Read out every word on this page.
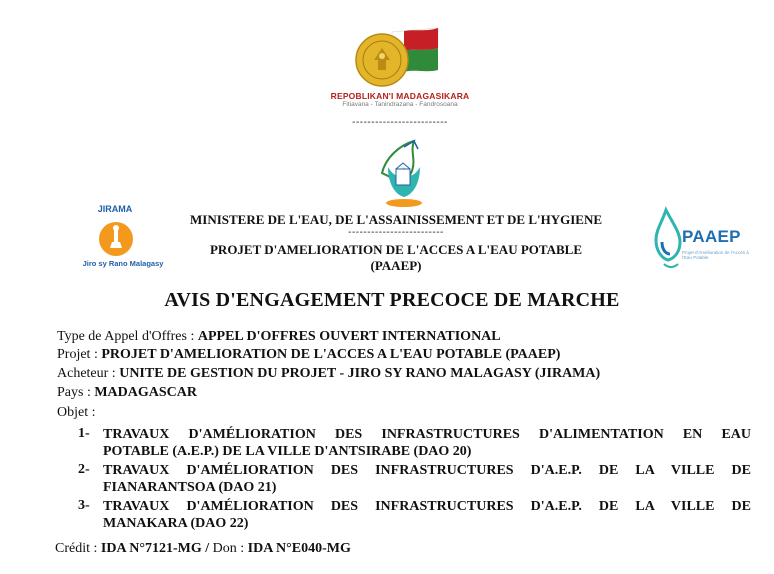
REPOBLIKAN'I MADAGASIKARA
Fitiavana - Tanindrazana - Fandrosoana
-------------------------
JIRAMA
Jiro sy Rano Malagasy
PAAEP
Projet d'Amélioration de l'Accès à l'Eau Potable
MINISTERE DE L'EAU, DE L'ASSAINISSEMENT ET DE L'HYGIENE
-------------------------
PROJET D'AMELIORATION DE L'ACCES A L'EAU POTABLE
(PAAEP)
AVIS D'ENGAGEMENT PRECOCE DE MARCHE
Type de Appel d'Offres : APPEL D'OFFRES OUVERT INTERNATIONAL
Projet : PROJET D'AMELIORATION DE L'ACCES A L'EAU POTABLE (PAAEP)
Acheteur : UNITE DE GESTION DU PROJET - JIRO SY RANO MALAGASY (JIRAMA)
Pays : MADAGASCAR
Objet :
1- TRAVAUX D'AMÉLIORATION DES INFRASTRUCTURES D'ALIMENTATION EN EAU
POTABLE (A.E.P.) DE LA VILLE D'ANTSIRABE (DAO 20)
2- TRAVAUX D'AMÉLIORATION DES INFRASTRUCTURES D'A.E.P. DE LA VILLE DE
FIANARANTSOA (DAO 21)
3- TRAVAUX D'AMÉLIORATION DES INFRASTRUCTURES D'A.E.P. DE LA VILLE DE
MANAKARA (DAO 22)
Crédit : IDA N°7121-MG / Don : IDA N°E040-MG
